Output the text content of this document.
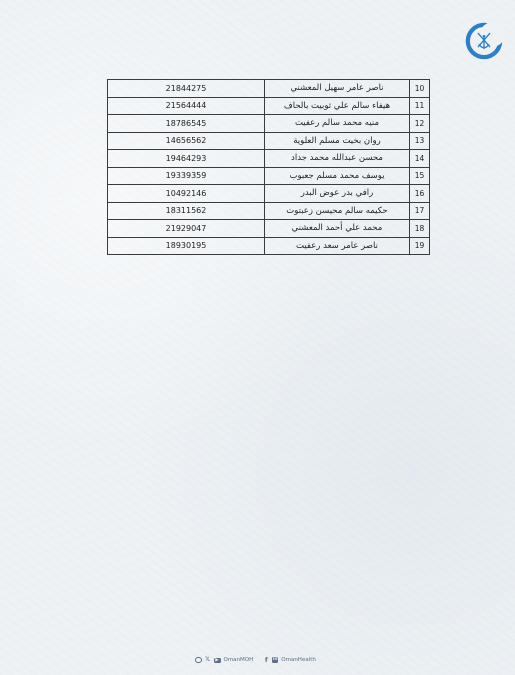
10	ناصر عامر سهيل المعشني	21844275
11	هيفاء سالم علي ثوبيت بالحاف	21564444
12	منيه محمد سالم رعفيت	18786545
13	روان بخيت مسلم العلوية	14656562
14	محسن عبدالله محمد جداد	19464293
15	يوسف محمد مسلم جعبوب	19339359
16	رافي بدر عوض البدر	10492146
17	حكيمه سالم محيسن زعبتوت	18311562
18	محمد علي أحمد المعشني	21929047
19	ناصر عامر سعد رعفيت	18930195
𝕏	▶ OmanMOH f	in OmanHealth
